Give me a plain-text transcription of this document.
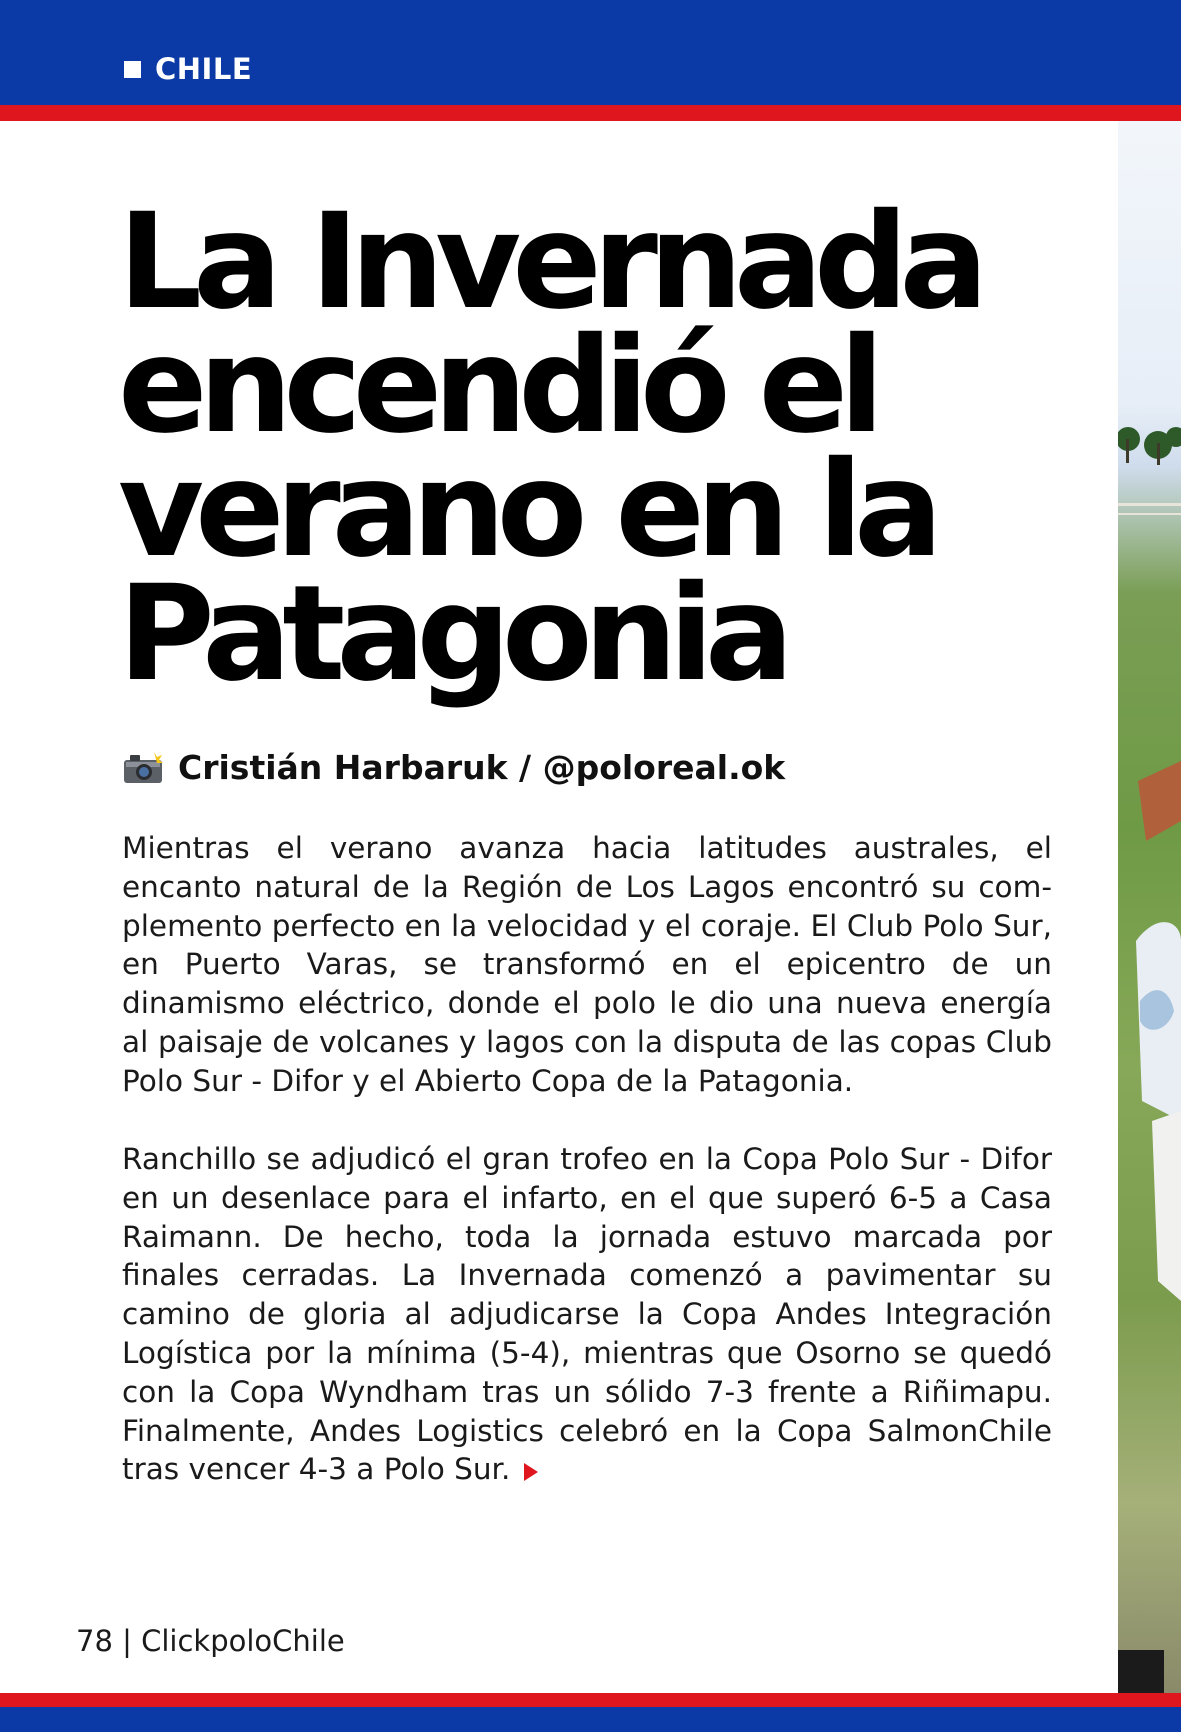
CHILE
La Invernada
encendió el
verano en la
Patagonia
Cristián Harbaruk / @poloreal.ok

Mientras el verano avanza hacia latitudes australes, el encanto natural de la Región de Los Lagos encontró su complemento perfecto en la velocidad y el coraje. El Club Polo Sur, en Puerto Varas, se transformó en el epicentro de un dinamismo eléctrico, donde el polo le dio una nueva energía al paisaje de volcanes y lagos con la disputa de las copas Club Polo Sur - Difor y el Abierto Copa de la Patagonia.

Ranchillo se adjudicó el gran trofeo en la Copa Polo Sur - Difor en un desenlace para el infarto, en el que superó 6-5 a Casa Raimann. De hecho, toda la jornada estuvo marcada por finales cerradas. La Invernada comenzó a pavimentar su camino de gloria al adjudicarse la Copa Andes Integración Logística por la mínima (5-4), mientras que Osorno se quedó con la Copa Wyndham tras un sólido 7-3 frente a Riñimapu. Finalmente, Andes Logistics celebró en la Copa SalmonChile tras vencer 4-3 a Polo Sur.

78 | ClickpoloChile
